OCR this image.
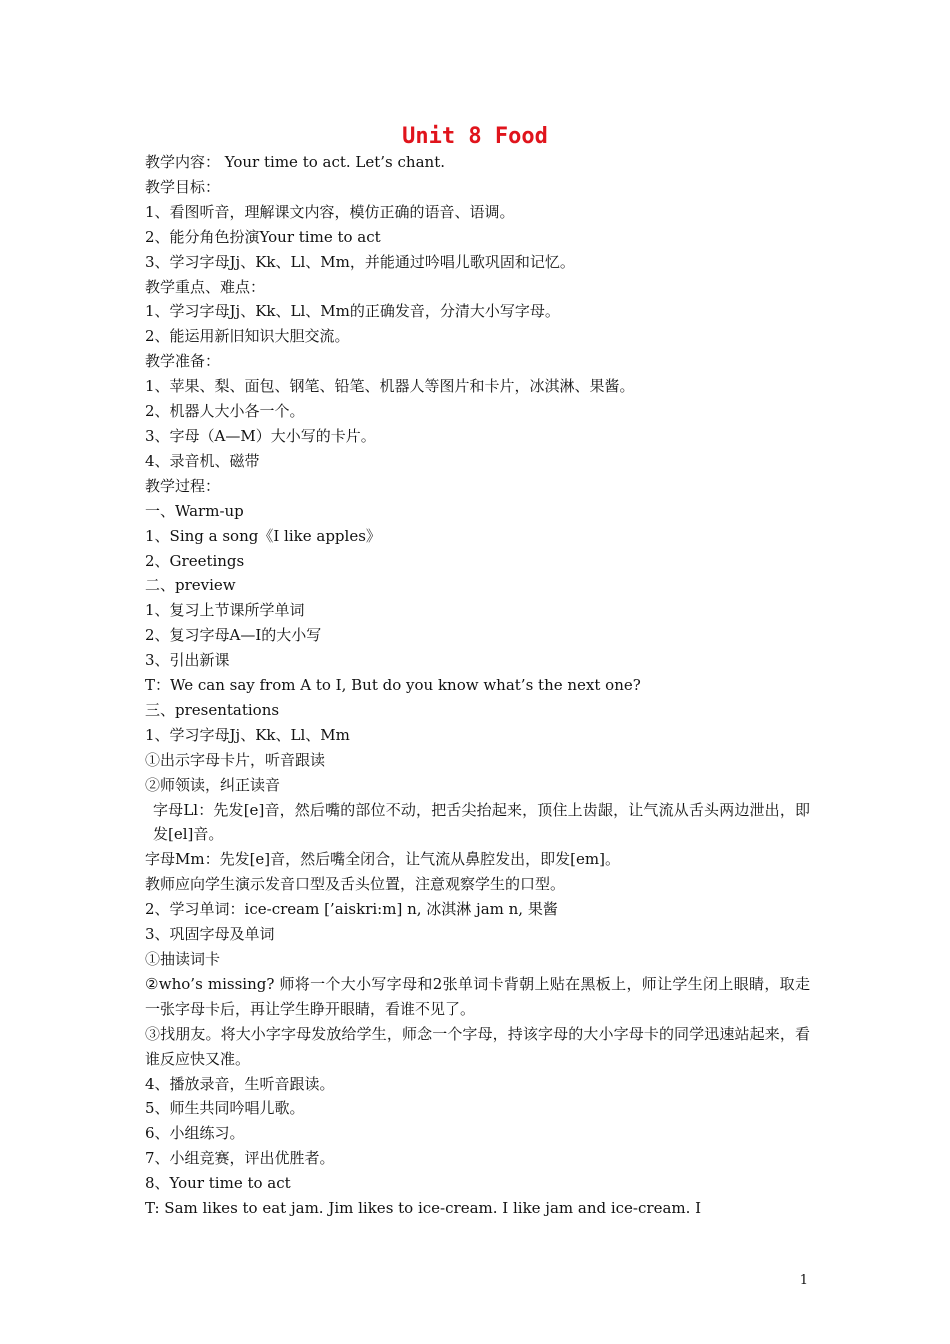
Unit 8 Food
教学内容： Your time to act. Let’s chant.
教学目标：
1、看图听音，理解课文内容，模仿正确的语音、语调。
2、能分角色扮演Your time to act
3、学习字母Jj、Kk、Ll、Mm，并能通过吟唱儿歌巩固和记忆。
教学重点、难点：
1、学习字母Jj、Kk、Ll、Mm的正确发音，分清大小写字母。
2、能运用新旧知识大胆交流。
教学准备：
1、苹果、梨、面包、钢笔、铅笔、机器人等图片和卡片，冰淇淋、果酱。
2、机器人大小各一个。
3、字母（A—M）大小写的卡片。
4、录音机、磁带
教学过程：
一、Warm-up
1、Sing a song《I like apples》
2、Greetings
二、preview
1、复习上节课所学单词
2、复习字母A—I的大小写
3、引出新课
T：We can say from A to I, But do you know what’s the next one?
三、presentations
1、学习字母Jj、Kk、Ll、Mm
①出示字母卡片，听音跟读
②师领读，纠正读音
字母Ll：先发[e]音，然后嘴的部位不动，把舌尖抬起来，顶住上齿龈，让气流从舌头两边泄出，即发[el]音。
字母Mm：先发[e]音，然后嘴全闭合，让气流从鼻腔发出，即发[em]。
教师应向学生演示发音口型及舌头位置，注意观察学生的口型。
2、学习单词：ice-cream [’aiskri:m] n, 冰淇淋 jam n, 果酱
3、巩固字母及单词
①抽读词卡
②who’s missing? 师将一个大小写字母和2张单词卡背朝上贴在黑板上，师让学生闭上眼睛，取走一张字母卡后，再让学生睁开眼睛，看谁不见了。
③找朋友。将大小字字母发放给学生，师念一个字母，持该字母的大小字母卡的同学迅速站起来，看谁反应快又准。
4、播放录音，生听音跟读。
5、师生共同吟唱儿歌。
6、小组练习。
7、小组竞赛，评出优胜者。
8、Your time to act
T: Sam likes to eat jam. Jim likes to ice-cream. I like jam and ice-cream. I
1
